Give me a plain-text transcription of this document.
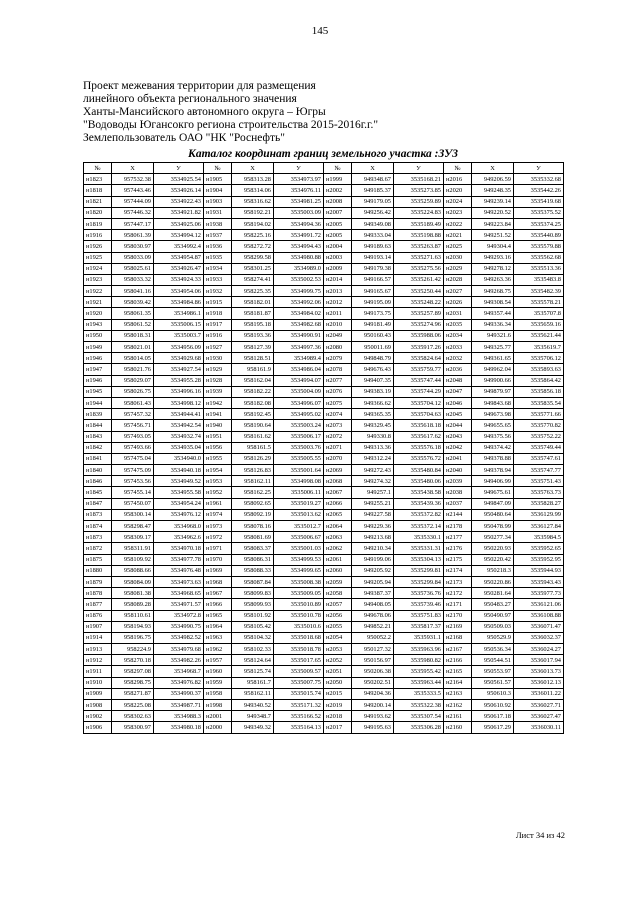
145
Проект межевания территории для размещения
линейного объекта регионального значения
Ханты-Мансийского автономного округа – Югры
"Водоводы Югансокго региона строительства 2015-2016г.г."
Землепользователь ОАО "НК "Роснефть"
Каталог координат границ земельного участка :ЗУ3
№	X	У	№	X	У	№	X	У	№	X	У
н1823	957532.38	3534925.54	н1905	958313.28	3534973.97	н1999	949348.67	3535168.21	н2016	949206.59	3535332.68
н1818	957443.46	3534926.14	н1904	958314.06	3534976.11	н2002	949185.37	3535273.85	н2020	949248.35	3535442.26
н1821	957444.09	3534922.43	н1903	958316.62	3534981.25	н2008	949179.05	3535259.89	н2024	949239.14	3535419.68
н1820	957446.32	3534921.82	н1931	958192.21	3535003.09	н2007	949256.42	3535224.83	н2023	949220.52	3535375.52
н1819	957447.17	3534925.06	н1938	958194.02	3534994.36	н2005	949349.08	3535189.49	н2022	949223.84	3535374.25
н1916	958061.39	3534994.12	н1937	958225.16	3534991.72	н2005	949333.04	3535198.88	н2021	949251.52	3535440.89
н1926	958030.97	3534992.4	н1936	958272.72	3534994.43	н2004	949189.63	3535263.87	н2025	949304.4	3535579.88
н1925	958033.09	3534954.87	н1935	958299.58	3534980.88	н2003	949193.14	3535271.63	н2030	949293.16	3535562.68
н1924	958025.61	3534926.47	н1934	958301.25	3534989.0	н2009	949179.38	3535275.56	н2029	949278.12	3535513.36
н1923	958033.32	3534924.33	н1933	958274.41	3535002.53	н2014	949166.57	3535261.42	н2028	949263.36	3535483.8
н1922	958041.16	3534954.06	н1932	958225.35	3534999.75	н2013	949165.67	3535250.44	н2027	949268.75	3535482.39
н1921	958039.42	3534984.86	н1915	958182.01	3534992.06	н2012	949195.09	3535248.22	н2026	949308.54	3535578.21
н1920	958061.35	3534986.1	н1918	958181.87	3534984.02	н2011	949173.75	3535257.89	н2031	949357.44	3535707.8
н1943	958061.52	3535006.15	н1917	958195.18	3534982.68	н2010	949181.49	3535274.96	н2035	949336.34	3535659.16
н1950	958018.31	3535003.7	н1916	958193.36	3534990.91	н2049	950160.43	3535988.06	н2034	949321.6	3535621.44
н1949	958021.01	3534956.09	н1927	958127.39	3534997.36	н2080	950011.69	3535917.26	н2033	949325.77	3535619.7
н1946	958014.05	3534929.68	н1930	958128.51	3534989.4	н2079	949848.79	3535824.64	н2032	949361.65	3535706.12
н1947	958021.76	3534927.54	н1929	958161.9	3534986.04	н2078	949676.43	3535759.77	н2036	949962.04	3535893.63
н1946	958029.07	3534955.28	н1928	958162.04	3534994.07	н2077	949407.35	3535747.44	н2048	949900.66	3535864.42
н1945	958026.75	3534996.16	н1939	958182.22	3535004.09	н2076	949383.19	3535744.29	н2047	949879.97	3535856.18
н1944	958061.43	3534998.12	н1942	958182.08	3534996.07	н2075	949366.62	3535704.12	н2046	949843.68	3535835.54
н1839	957457.32	3534944.41	н1941	958192.45	3534995.02	н2074	949365.35	3535704.63	н2045	949673.98	3535771.66
н1844	957456.71	3534942.54	н1940	958190.64	3535003.24	н2073	949329.45	3535618.18	н2044	949655.65	3535770.82
н1843	957493.05	3534932.74	н1951	958161.62	3535006.17	н2072	949330.8	3535617.62	н2043	949375.56	3535752.22
н1842	957493.66	3534935.04	н1956	958161.5	3535003.76	н2071	949313.36	3535576.18	н2042	949374.42	3535749.44
н1841	957475.04	3534940.0	н1955	958126.29	3535005.55	н2070	949312.24	3535576.72	н2041	949378.88	3535747.61
н1840	957475.09	3534940.18	н1954	958126.83	3535001.64	н2069	949272.43	3535480.84	н2040	949378.94	3535747.77
н1846	957453.56	3534949.52	н1953	958162.11	3534998.08	н2068	949274.32	3535480.06	н2039	949406.99	3535751.43
н1845	957455.14	3534955.58	н1952	958162.25	3535006.11	н2067	949257.1	3535438.58	н2038	949675.61	3535763.73
н1847	957450.07	3534954.24	н1961	958092.65	3535019.27	н2066	949255.21	3535439.36	н2037	949847.09	3535828.27
н1873	958300.14	3534976.12	н1974	958092.19	3535013.62	н2065	949227.58	3535372.82	н2144	950480.64	3536129.99
н1874	958298.47	3534968.0	н1973	958078.16	3535012.7	н2064	949229.36	3535372.14	н2178	950478.99	3536127.84
н1873	958309.17	3534962.6	н1972	958081.69	3535006.67	н2063	949213.68	3535330.1	н2177	950277.34	3535984.5
н1872	958311.91	3534970.18	н1971	958083.37	3535001.03	н2062	949210.34	3535331.31	н2176	950220.93	3535952.65
н1875	958109.92	3534977.78	н1970	958086.31	3534999.53	н2061	949199.06	3535304.13	н2175	950220.42	3535952.95
н1880	958088.66	3534976.48	н1969	958088.33	3534999.65	н2060	949205.92	3535299.81	н2174	950218.3	3535944.93
н1879	958084.09	3534973.63	н1968	958087.84	3535008.38	н2059	949205.94	3535299.84	н2173	950220.86	3535943.43
н1878	958081.38	3534968.65	н1967	958099.83	3535009.05	н2058	949387.37	3535736.76	н2172	950281.64	3535977.73
н1877	958089.28	3534971.57	н1966	958099.93	3535010.89	н2057	949408.05	3535739.46	н2171	950483.27	3536121.06
н1876	958110.61	3534972.8	н1965	958101.92	3535010.78	н2056	949678.06	3535751.83	н2170	950490.97	3536108.88
н1907	958194.93	3534990.75	н1964	958105.42	3535010.6	н2055	949852.21	3535817.37	н2169	950509.03	3536071.47
н1914	958196.75	3534982.52	н1963	958104.32	3535018.68	н2054	950052.2	3535931.1	н2168	950529.9	3536032.37
н1913	958224.9	3534979.68	н1962	958102.33	3535018.78	н2053	950127.32	3535963.96	н2167	950536.34	3536024.27
н1912	958270.18	3534982.26	н1957	958124.64	3535017.65	н2052	950156.97	3535980.82	н2166	950544.51	3536017.94
н1911	958297.08	3534968.7	н1960	958125.74	3535009.57	н2051	950206.38	3535955.42	н2165	950553.97	3536013.73
н1910	958298.75	3534976.82	н1959	958161.7	3535007.75	н2050	950202.51	3535963.44	н2164	950561.57	3536012.13
н1909	958271.87	3534990.37	н1958	958162.11	3535015.74	н2015	949204.36	3535333.5	н2163	950610.3	3536011.22
н1908	958225.08	3534987.71	н1998	949340.52	3535171.32	н2019	949200.14	3535322.38	н2162	950610.92	3536027.71
н1902	958302.63	3534988.3	н2001	949348.7	3535166.52	н2018	949193.62	3535307.54	н2161	950617.18	3536027.47
н1906	958300.97	3534980.18	н2000	949349.32	3535164.13	н2017	949195.63	3535306.28	н2160	950617.29	3536030.11
Лист 34 из 42
